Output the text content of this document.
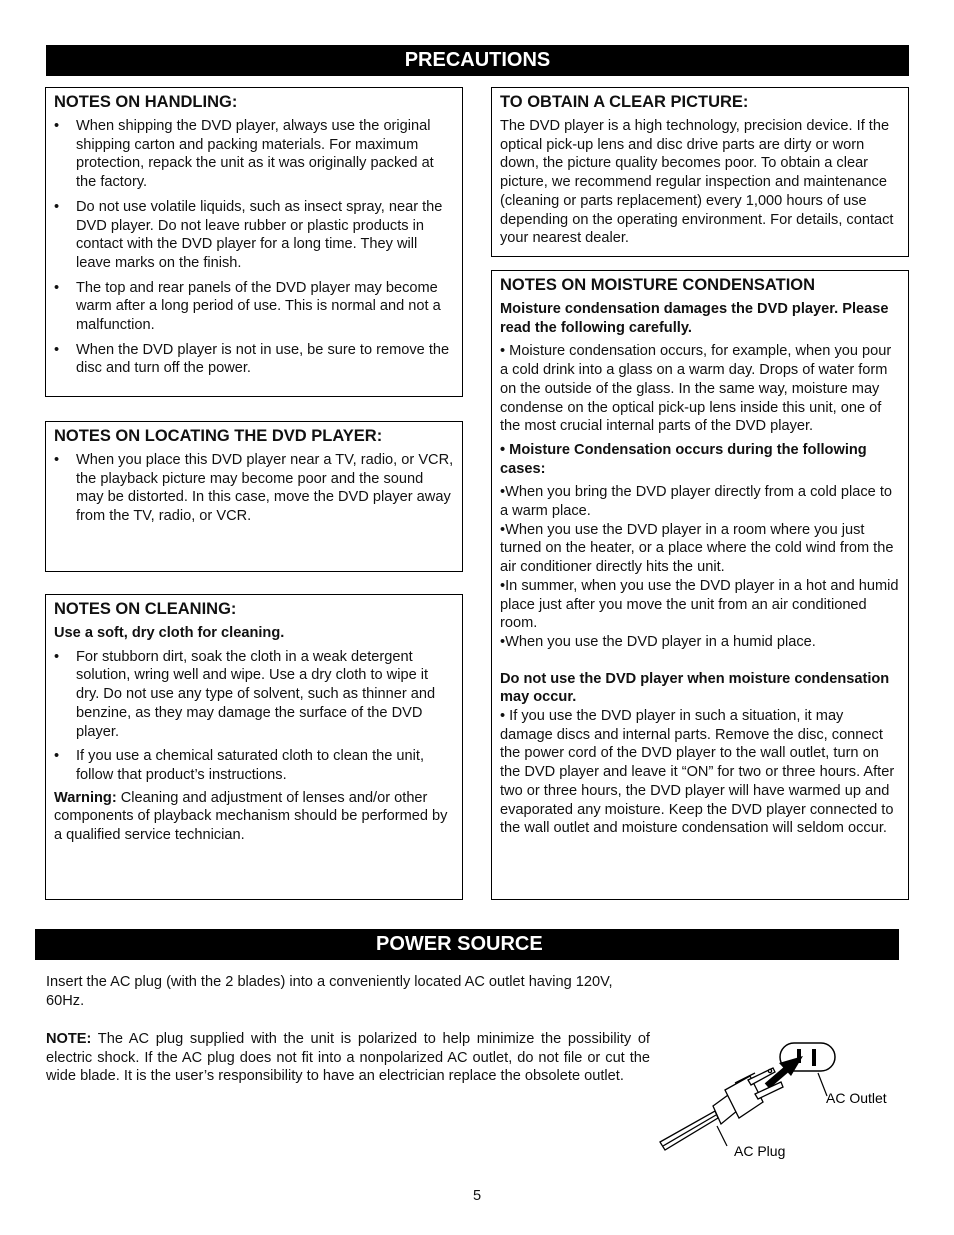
PRECAUTIONS
NOTES ON HANDLING:
• When shipping the DVD player, always use the original shipping carton and packing materials. For maximum protection, repack the unit as it was originally packed at the factory.
• Do not use volatile liquids, such as insect spray, near the DVD player. Do not leave rubber or plastic products in contact with the DVD player for a long time. They will leave marks on the finish.
• The top and rear panels of the DVD player may become warm after a long period of use. This is normal and not a malfunction.
• When the DVD player is not in use, be sure to remove the disc and turn off the power.
NOTES ON LOCATING THE DVD PLAYER:
• When you place this DVD player near a TV, radio, or VCR, the playback picture may become poor and the sound may be distorted. In this case, move the DVD player away from the TV, radio, or VCR.
NOTES ON CLEANING:

Use a soft, dry cloth for cleaning.

• For stubborn dirt, soak the cloth in a weak detergent solution, wring well and wipe. Use a dry cloth to wipe it dry. Do not use any type of solvent, such as thinner and benzine, as they may damage the surface of the DVD player.
• If you use a chemical saturated cloth to clean the unit, follow that product’s instructions.

Warning: Cleaning and adjustment of lenses and/or other components of playback mechanism should be performed by a qualified service technician.

TO OBTAIN A CLEAR PICTURE:

The DVD player is a high technology, precision device. If the optical pick-up lens and disc drive parts are dirty or worn down, the picture quality becomes poor. To obtain a clear picture, we recommend regular inspection and maintenance (cleaning or parts replacement) every 1,000 hours of use depending on the operating environment. For details, contact your nearest dealer.

NOTES ON MOISTURE CONDENSATION

Moisture condensation damages the DVD player. Please read the following carefully.

• Moisture condensation occurs, for example, when you pour a cold drink into a glass on a warm day. Drops of water form on the outside of the glass. In the same way, moisture may condense on the optical pick-up lens inside this unit, one of the most crucial internal parts of the DVD player.

• Moisture Condensation occurs during the following cases:

•When you bring the DVD player directly from a cold place to a warm place.
•When you use the DVD player in a room where you just turned on the heater, or a place where the cold wind from the air conditioner directly hits the unit.
•In summer, when you use the DVD player in a hot and humid place just after you move the unit from an air conditioned room.
•When you use the DVD player in a humid place.
Do not use the DVD player when moisture condensation may occur.
• If you use the DVD player in such a situation, it may damage discs and internal parts. Remove the disc, connect the power cord of the DVD player to the wall outlet, turn on the DVD player and leave it “ON” for two or three hours. After two or three hours, the DVD player will have warmed up and evaporated any moisture. Keep the DVD player connected to the wall outlet and moisture condensation will seldom occur.
POWER SOURCE
Insert the AC plug (with the 2 blades) into a conveniently located AC outlet having 120V, 60Hz.
NOTE: The AC plug supplied with the unit is polarized to help minimize the possibility of electric shock. If the AC plug does not fit into a nonpolarized AC outlet, do not file or cut the wide blade. It is the user’s responsibility to have an electrician replace the obsolete outlet.
AC Outlet
AC Plug
5
